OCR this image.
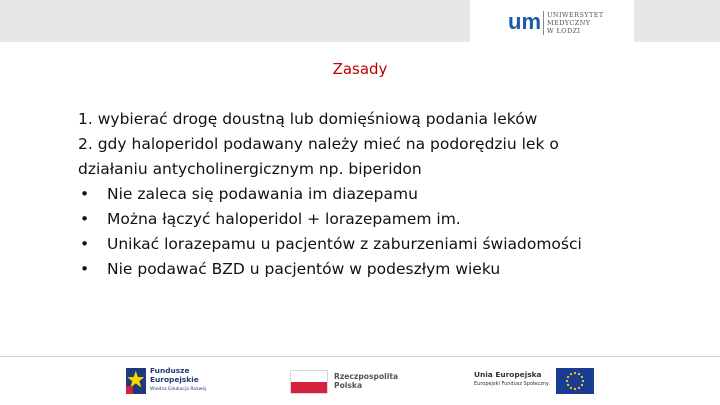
um UNIWERSYTET
MEDYCZNY
W ŁODZI
Zasady
1. wybierać drogę doustną lub domięśniową podania leków
2. gdy haloperidol podawany należy mieć na podorędziu lek o
działaniu antycholinergicznym np. biperidon
•	Nie zaleca się podawania im diazepamu
•	Można łączyć haloperidol + lorazepamem im.
•	Unikać lorazepamu u pacjentów z zaburzeniami świadomości
•	Nie podawać BZD u pacjentów w podeszłym wieku
Fundusze
Europejskie
Wiedza Edukacja Rozwój
Rzeczpospolita
Polska
Unia Europejska
Europejski Fundusz Społeczny
